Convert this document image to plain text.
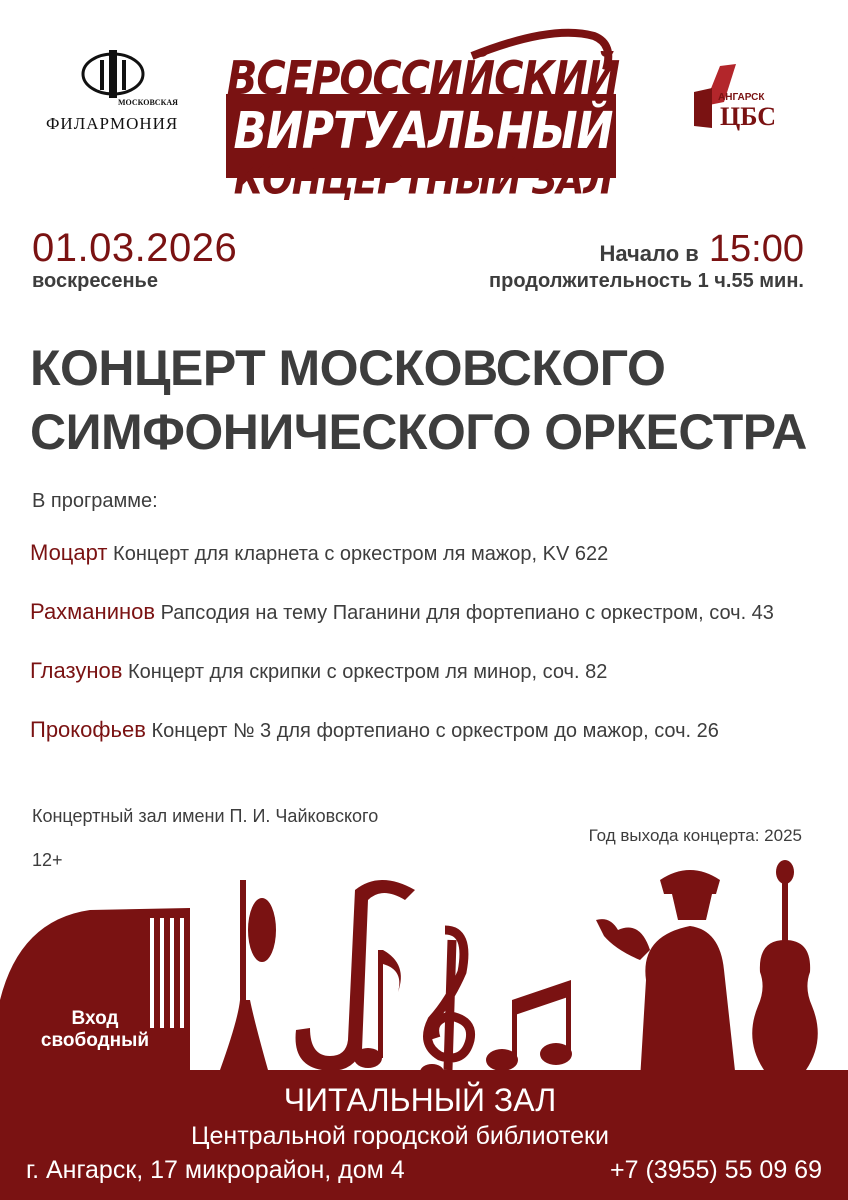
МОСКОВСКАЯ
ФИЛАРМОНИЯ
ВСЕРОССИЙСКИЙ
ВИРТУАЛЬНЫЙ
КОНЦЕРТНЫЙ ЗАЛ
АНГАРСК
ЦБС
01.03.2026
воскресенье
Начало в 15:00
продолжительность 1 ч.55 мин.
КОНЦЕРТ МОСКОВСКОГО
СИМФОНИЧЕСКОГО ОРКЕСТРА
В программе:
Моцарт Концерт для кларнета с оркестром ля мажор, KV 622
Рахманинов Рапсодия на тему Паганини для фортепиано с оркестром, соч. 43
Глазунов Концерт для скрипки с оркестром ля минор, соч. 82
Прокофьев Концерт № 3 для фортепиано с оркестром до мажор, соч. 26
Концертный зал имени П. И. Чайковского
Год выхода концерта: 2025
12+
Вход свободный
ЧИТАЛЬНЫЙ ЗАЛ
Центральной городской библиотеки
г. Ангарск, 17 микрорайон, дом 4	+7 (3955) 55 09 69
